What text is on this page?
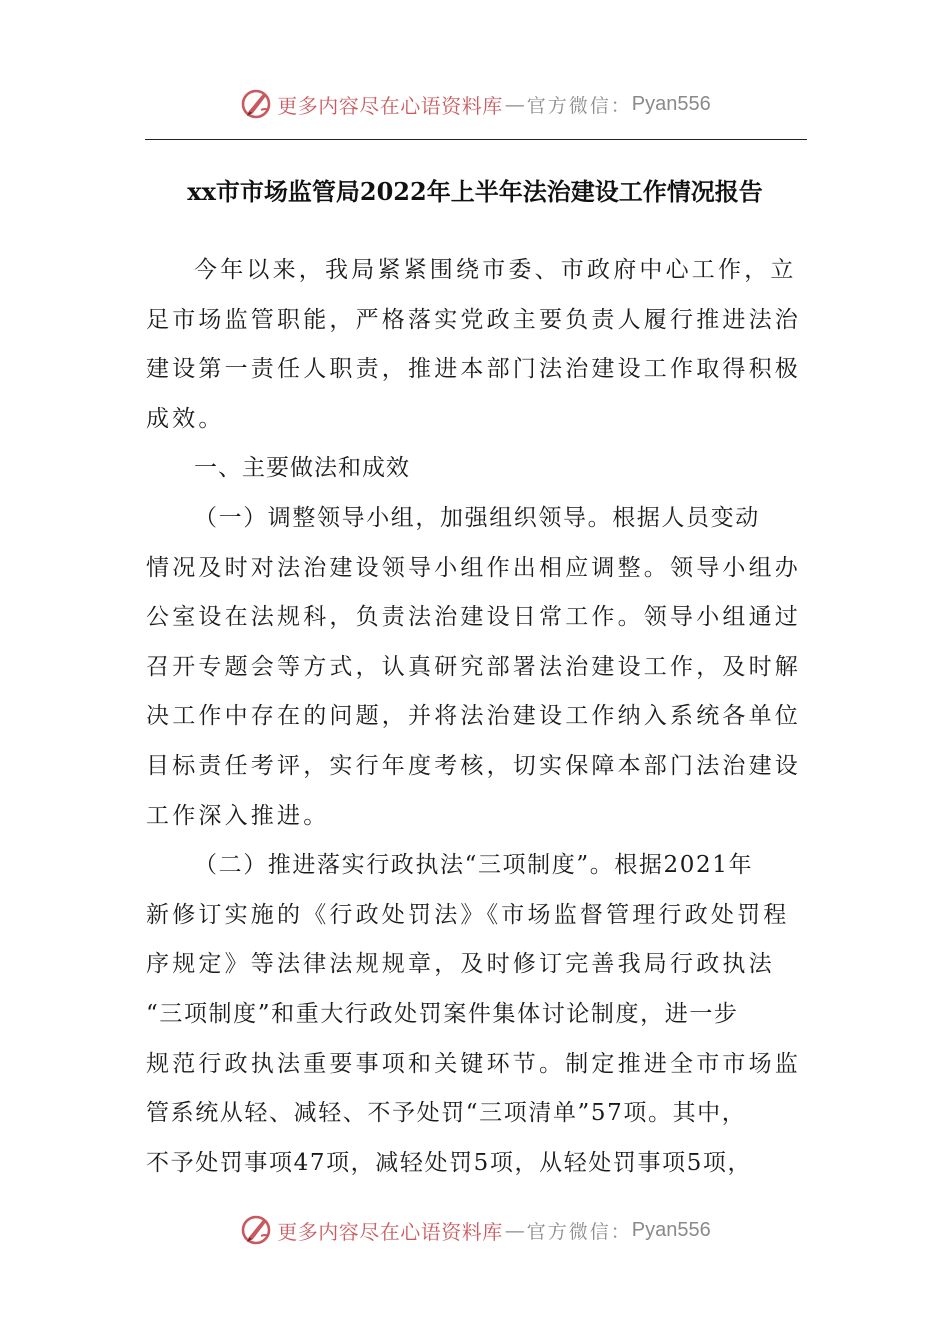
更多内容尽在心语资料库 — 官方微信： Pyan556
xx市市场监管局2022年上半年法治建设工作情况报告
今年以来，我局紧紧围绕市委、市政府中心工作，立
足市场监管职能，严格落实党政主要负责人履行推进法治
建设第一责任人职责，推进本部门法治建设工作取得积极
成效。
一、主要做法和成效
（一）调整领导小组，加强组织领导。根据人员变动
情况及时对法治建设领导小组作出相应调整。领导小组办
公室设在法规科，负责法治建设日常工作。领导小组通过
召开专题会等方式，认真研究部署法治建设工作，及时解
决工作中存在的问题，并将法治建设工作纳入系统各单位
目标责任考评，实行年度考核，切实保障本部门法治建设
工作深入推进。
（二）推进落实行政执法“三项制度”。根据2021年
新修订实施的《行政处罚法》《市场监督管理行政处罚程
序规定》等法律法规规章，及时修订完善我局行政执法
“三项制度”和重大行政处罚案件集体讨论制度，进一步
规范行政执法重要事项和关键环节。制定推进全市市场监
管系统从轻、减轻、不予处罚“三项清单”57项。其中，
不予处罚事项47项，减轻处罚5项，从轻处罚事项5项，
更多内容尽在心语资料库 — 官方微信： Pyan556
